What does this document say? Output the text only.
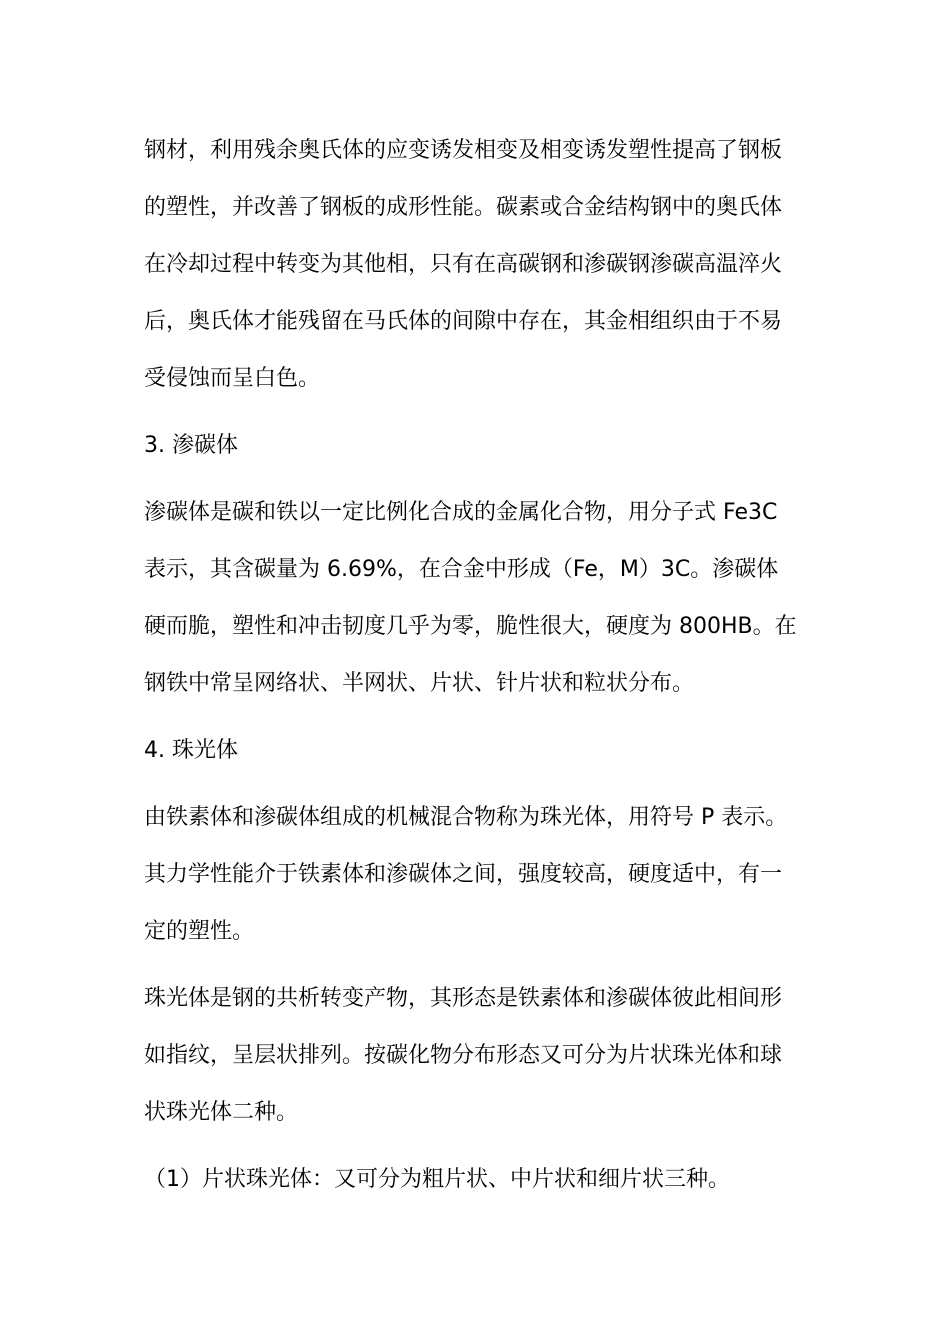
钢材，利用残余奥氏体的应变诱发相变及相变诱发塑性提高了钢板
的塑性，并改善了钢板的成形性能。碳素或合金结构钢中的奥氏体
在冷却过程中转变为其他相，只有在高碳钢和渗碳钢渗碳高温淬火
后，奥氏体才能残留在马氏体的间隙中存在，其金相组织由于不易
受侵蚀而呈白色。
3. 渗碳体
渗碳体是碳和铁以一定比例化合成的金属化合物，用分子式 Fe3C
表示，其含碳量为 6.69%，在合金中形成（Fe，M）3C。渗碳体
硬而脆，塑性和冲击韧度几乎为零，脆性很大，硬度为 800HB。在
钢铁中常呈网络状、半网状、片状、针片状和粒状分布。
4. 珠光体
由铁素体和渗碳体组成的机械混合物称为珠光体，用符号 P 表示。
其力学性能介于铁素体和渗碳体之间，强度较高，硬度适中，有一
定的塑性。
珠光体是钢的共析转变产物，其形态是铁素体和渗碳体彼此相间形
如指纹，呈层状排列。按碳化物分布形态又可分为片状珠光体和球
状珠光体二种。
（1）片状珠光体：又可分为粗片状、中片状和细片状三种。
